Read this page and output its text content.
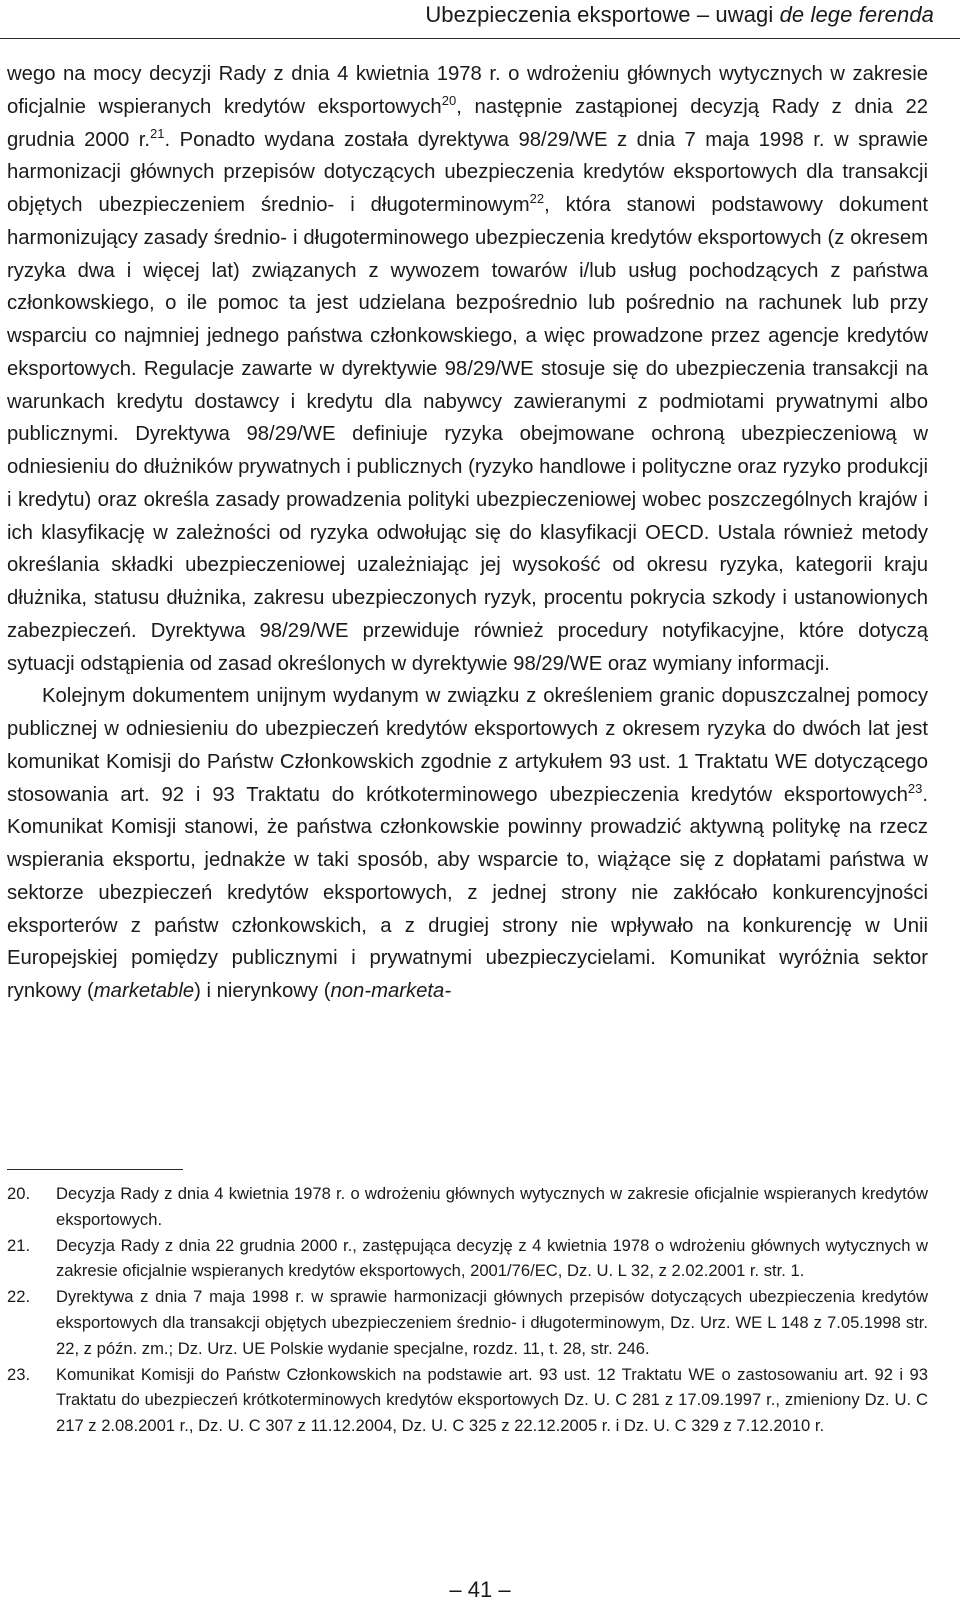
Ubezpieczenia eksportowe – uwagi de lege ferenda

wego na mocy decyzji Rady z dnia 4 kwietnia 1978 r. o wdrożeniu głównych wytycznych w zakresie oficjalnie wspieranych kredytów eksportowych$^{20}$, następnie zastąpionej decyzją Rady z dnia 22 grudnia 2000 r.$^{21}$. Ponadto wydana została dyrektywa 98/29/WE z dnia 7 maja 1998 r. w sprawie harmonizacji głównych przepisów dotyczących ubezpieczenia kredytów eksportowych dla transakcji objętych ubezpieczeniem średnio- i długoterminowym$^{22}$, która stanowi podstawowy dokument harmonizujący zasady średnio- i długoterminowego ubezpieczenia kredytów eksportowych (z okresem ryzyka dwa i więcej lat) związanych z wywozem towarów i/lub usług pochodzących z państwa członkowskiego, o ile pomoc ta jest udzielana bezpośrednio lub pośrednio na rachunek lub przy wsparciu co najmniej jednego państwa członkowskiego, a więc prowadzone przez agencje kredytów eksportowych. Regulacje zawarte w dyrektywie 98/29/WE stosuje się do ubezpieczenia transakcji na warunkach kredytu dostawcy i kredytu dla nabywcy zawieranymi z podmiotami prywatnymi albo publicznymi. Dyrektywa 98/29/WE definiuje ryzyka obejmowane ochroną ubezpieczeniową w odniesieniu do dłużników prywatnych i publicznych (ryzyko handlowe i polityczne oraz ryzyko produkcji i kredytu) oraz określa zasady prowadzenia polityki ubezpieczeniowej wobec poszczególnych krajów i ich klasyfikację w zależności od ryzyka odwołując się do klasyfikacji OECD. Ustala również metody określania składki ubezpieczeniowej uzależniając jej wysokość od okresu ryzyka, kategorii kraju dłużnika, statusu dłużnika, zakresu ubezpieczonych ryzyk, procentu pokrycia szkody i ustanowionych zabezpieczeń. Dyrektywa 98/29/WE przewiduje również procedury notyfikacyjne, które dotyczą sytuacji odstąpienia od zasad określonych w dyrektywie 98/29/WE oraz wymiany informacji.

Kolejnym dokumentem unijnym wydanym w związku z określeniem granic dopuszczalnej pomocy publicznej w odniesieniu do ubezpieczeń kredytów eksportowych z okresem ryzyka do dwóch lat jest komunikat Komisji do Państw Członkowskich zgodnie z artykułem 93 ust. 1 Traktatu WE dotyczącego stosowania art. 92 i 93 Traktatu do krótkoterminowego ubezpieczenia kredytów eksportowych$^{23}$. Komunikat Komisji stanowi, że państwa członkowskie powinny prowadzić aktywną politykę na rzecz wspierania eksportu, jednakże w taki sposób, aby wsparcie to, wiążące się z dopłatami państwa w sektorze ubezpieczeń kredytów eksportowych, z jednej strony nie zakłócało konkurencyjności eksporterów z państw członkowskich, a z drugiej strony nie wpływało na konkurencję w Unii Europejskiej pomiędzy publicznymi i prywatnymi ubezpieczycielami. Komunikat wyróżnia sektor rynkowy (marketable) i nierynkowy (non-marketa-

20. Decyzja Rady z dnia 4 kwietnia 1978 r. o wdrożeniu głównych wytycznych w zakresie oficjalnie wspieranych kredytów eksportowych.
21. Decyzja Rady z dnia 22 grudnia 2000 r., zastępująca decyzję z 4 kwietnia 1978 o wdrożeniu głównych wytycznych w zakresie oficjalnie wspieranych kredytów eksportowych, 2001/76/EC, Dz. U. L 32, z 2.02.2001 r. str. 1.
22. Dyrektywa z dnia 7 maja 1998 r. w sprawie harmonizacji głównych przepisów dotyczących ubezpieczenia kredytów eksportowych dla transakcji objętych ubezpieczeniem średnio- i długoterminowym, Dz. Urz. WE L 148 z 7.05.1998 str. 22, z późn. zm.; Dz. Urz. UE Polskie wydanie specjalne, rozdz. 11, t. 28, str. 246.
23. Komunikat Komisji do Państw Członkowskich na podstawie art. 93 ust. 12 Traktatu WE o zastosowaniu art. 92 i 93 Traktatu do ubezpieczeń krótkoterminowych kredytów eksportowych Dz. U. C 281 z 17.09.1997 r., zmieniony Dz. U. C 217 z 2.08.2001 r., Dz. U. C 307 z 11.12.2004, Dz. U. C 325 z 22.12.2005 r. i Dz. U. C 329 z 7.12.2010 r.
– 41 –
